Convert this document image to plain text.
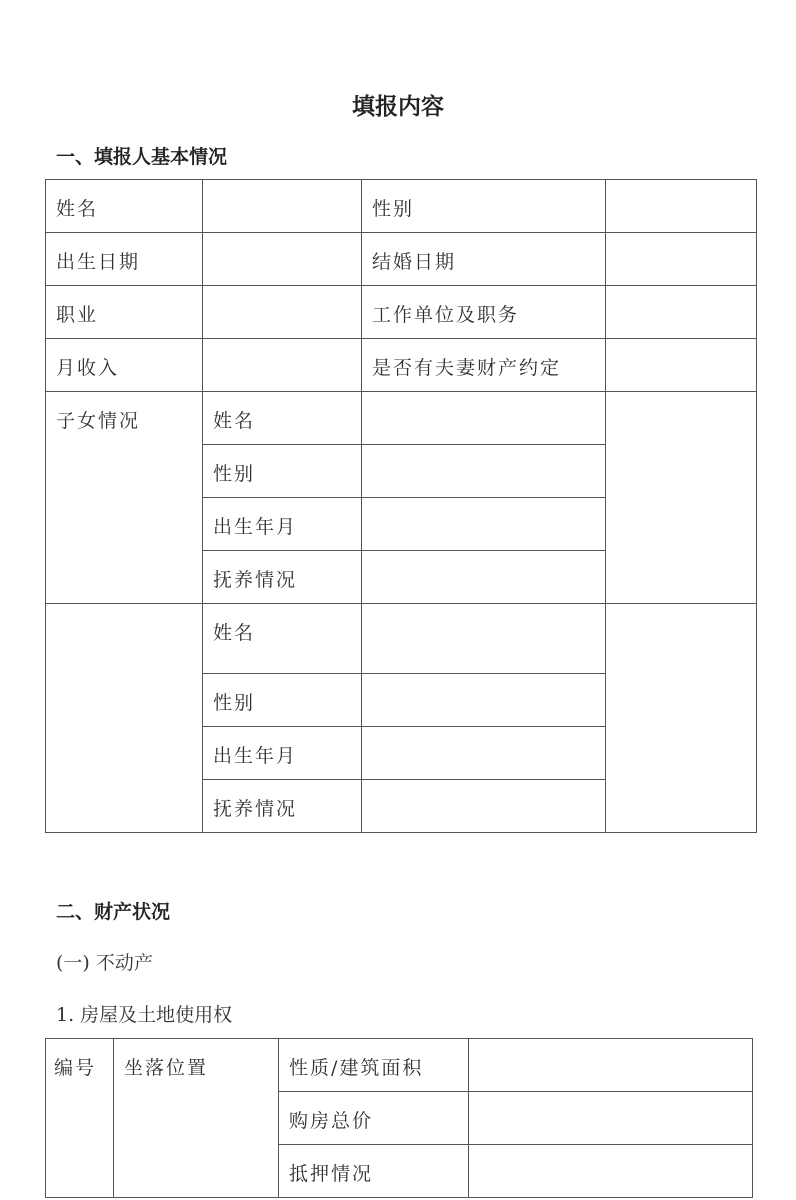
填报内容
一、填报人基本情况
姓名		性别	
出生日期		结婚日期	
职业		工作单位及职务	
月收入		是否有夫妻财产约定	
子女情况	姓名		
	性别		
	出生年月		
	抚养情况		
	姓名		
	性别		
	出生年月		
	抚养情况		
二、财产状况
(一) 不动产
1. 房屋及土地使用权
编号	坐落位置	性质/建筑面积	
		购房总价	
		抵押情况	
